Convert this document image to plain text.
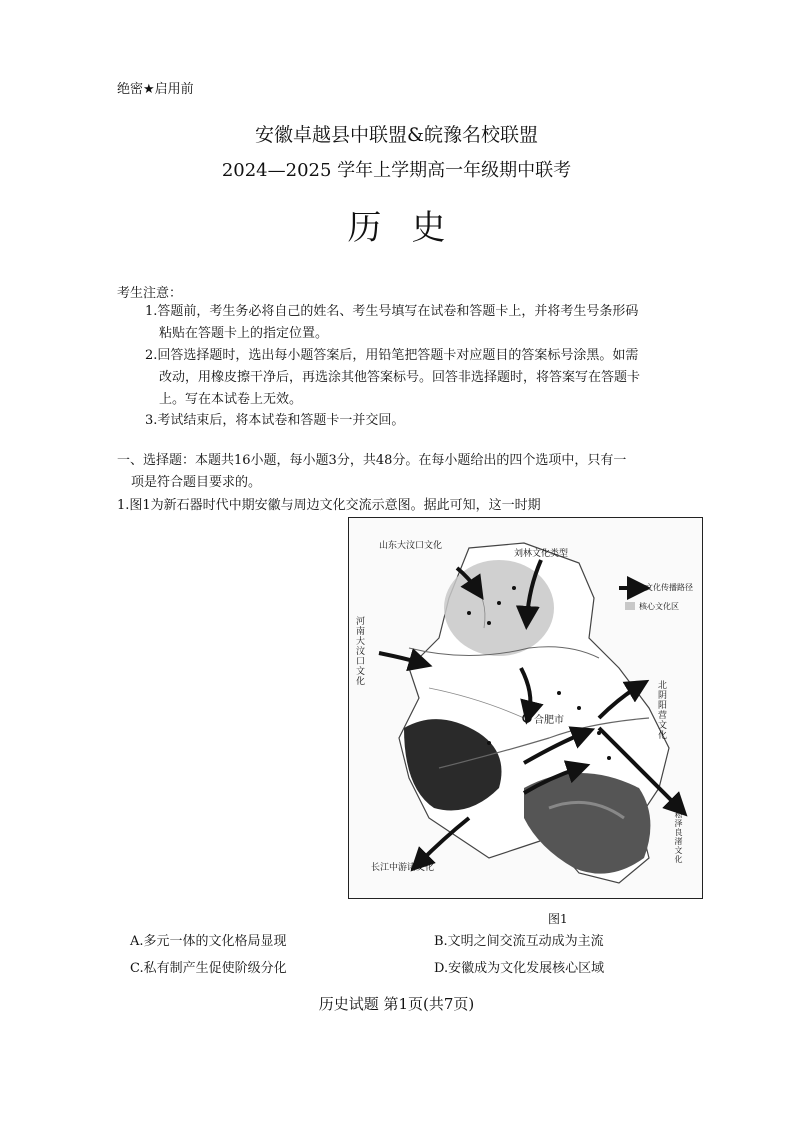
绝密★启用前
安徽卓越县中联盟&皖豫名校联盟
2024—2025 学年上学期高一年级期中联考
历史
考生注意：
1.答题前，考生务必将自己的姓名、考生号填写在试卷和答题卡上，并将考生号条形码
粘贴在答题卡上的指定位置。
2.回答选择题时，选出每小题答案后，用铅笔把答题卡对应题目的答案标号涂黑。如需
改动，用橡皮擦干净后，再选涂其他答案标号。回答非选择题时，将答案写在答题卡
上。写在本试卷上无效。
3.考试结束后，将本试卷和答题卡一并交回。
一、选择题：本题共16小题，每小题3分，共48分。在每小题给出的四个选项中，只有一
项是符合题目要求的。
1.图1为新石器时代中期安徽与周边文化交流示意图。据此可知，这一时期
山东大汶口文化
刘林文化类型
河南大汶口文化
合肥市	北阴阳营文化
崧泽良渚文化
长江中游诸文化
文化传播路径
核心文化区
图1
A.多元一体的文化格局显现	B.文明之间交流互动成为主流
C.私有制产生促使阶级分化	D.安徽成为文化发展核心区域
历史试题 第1页(共7页)
